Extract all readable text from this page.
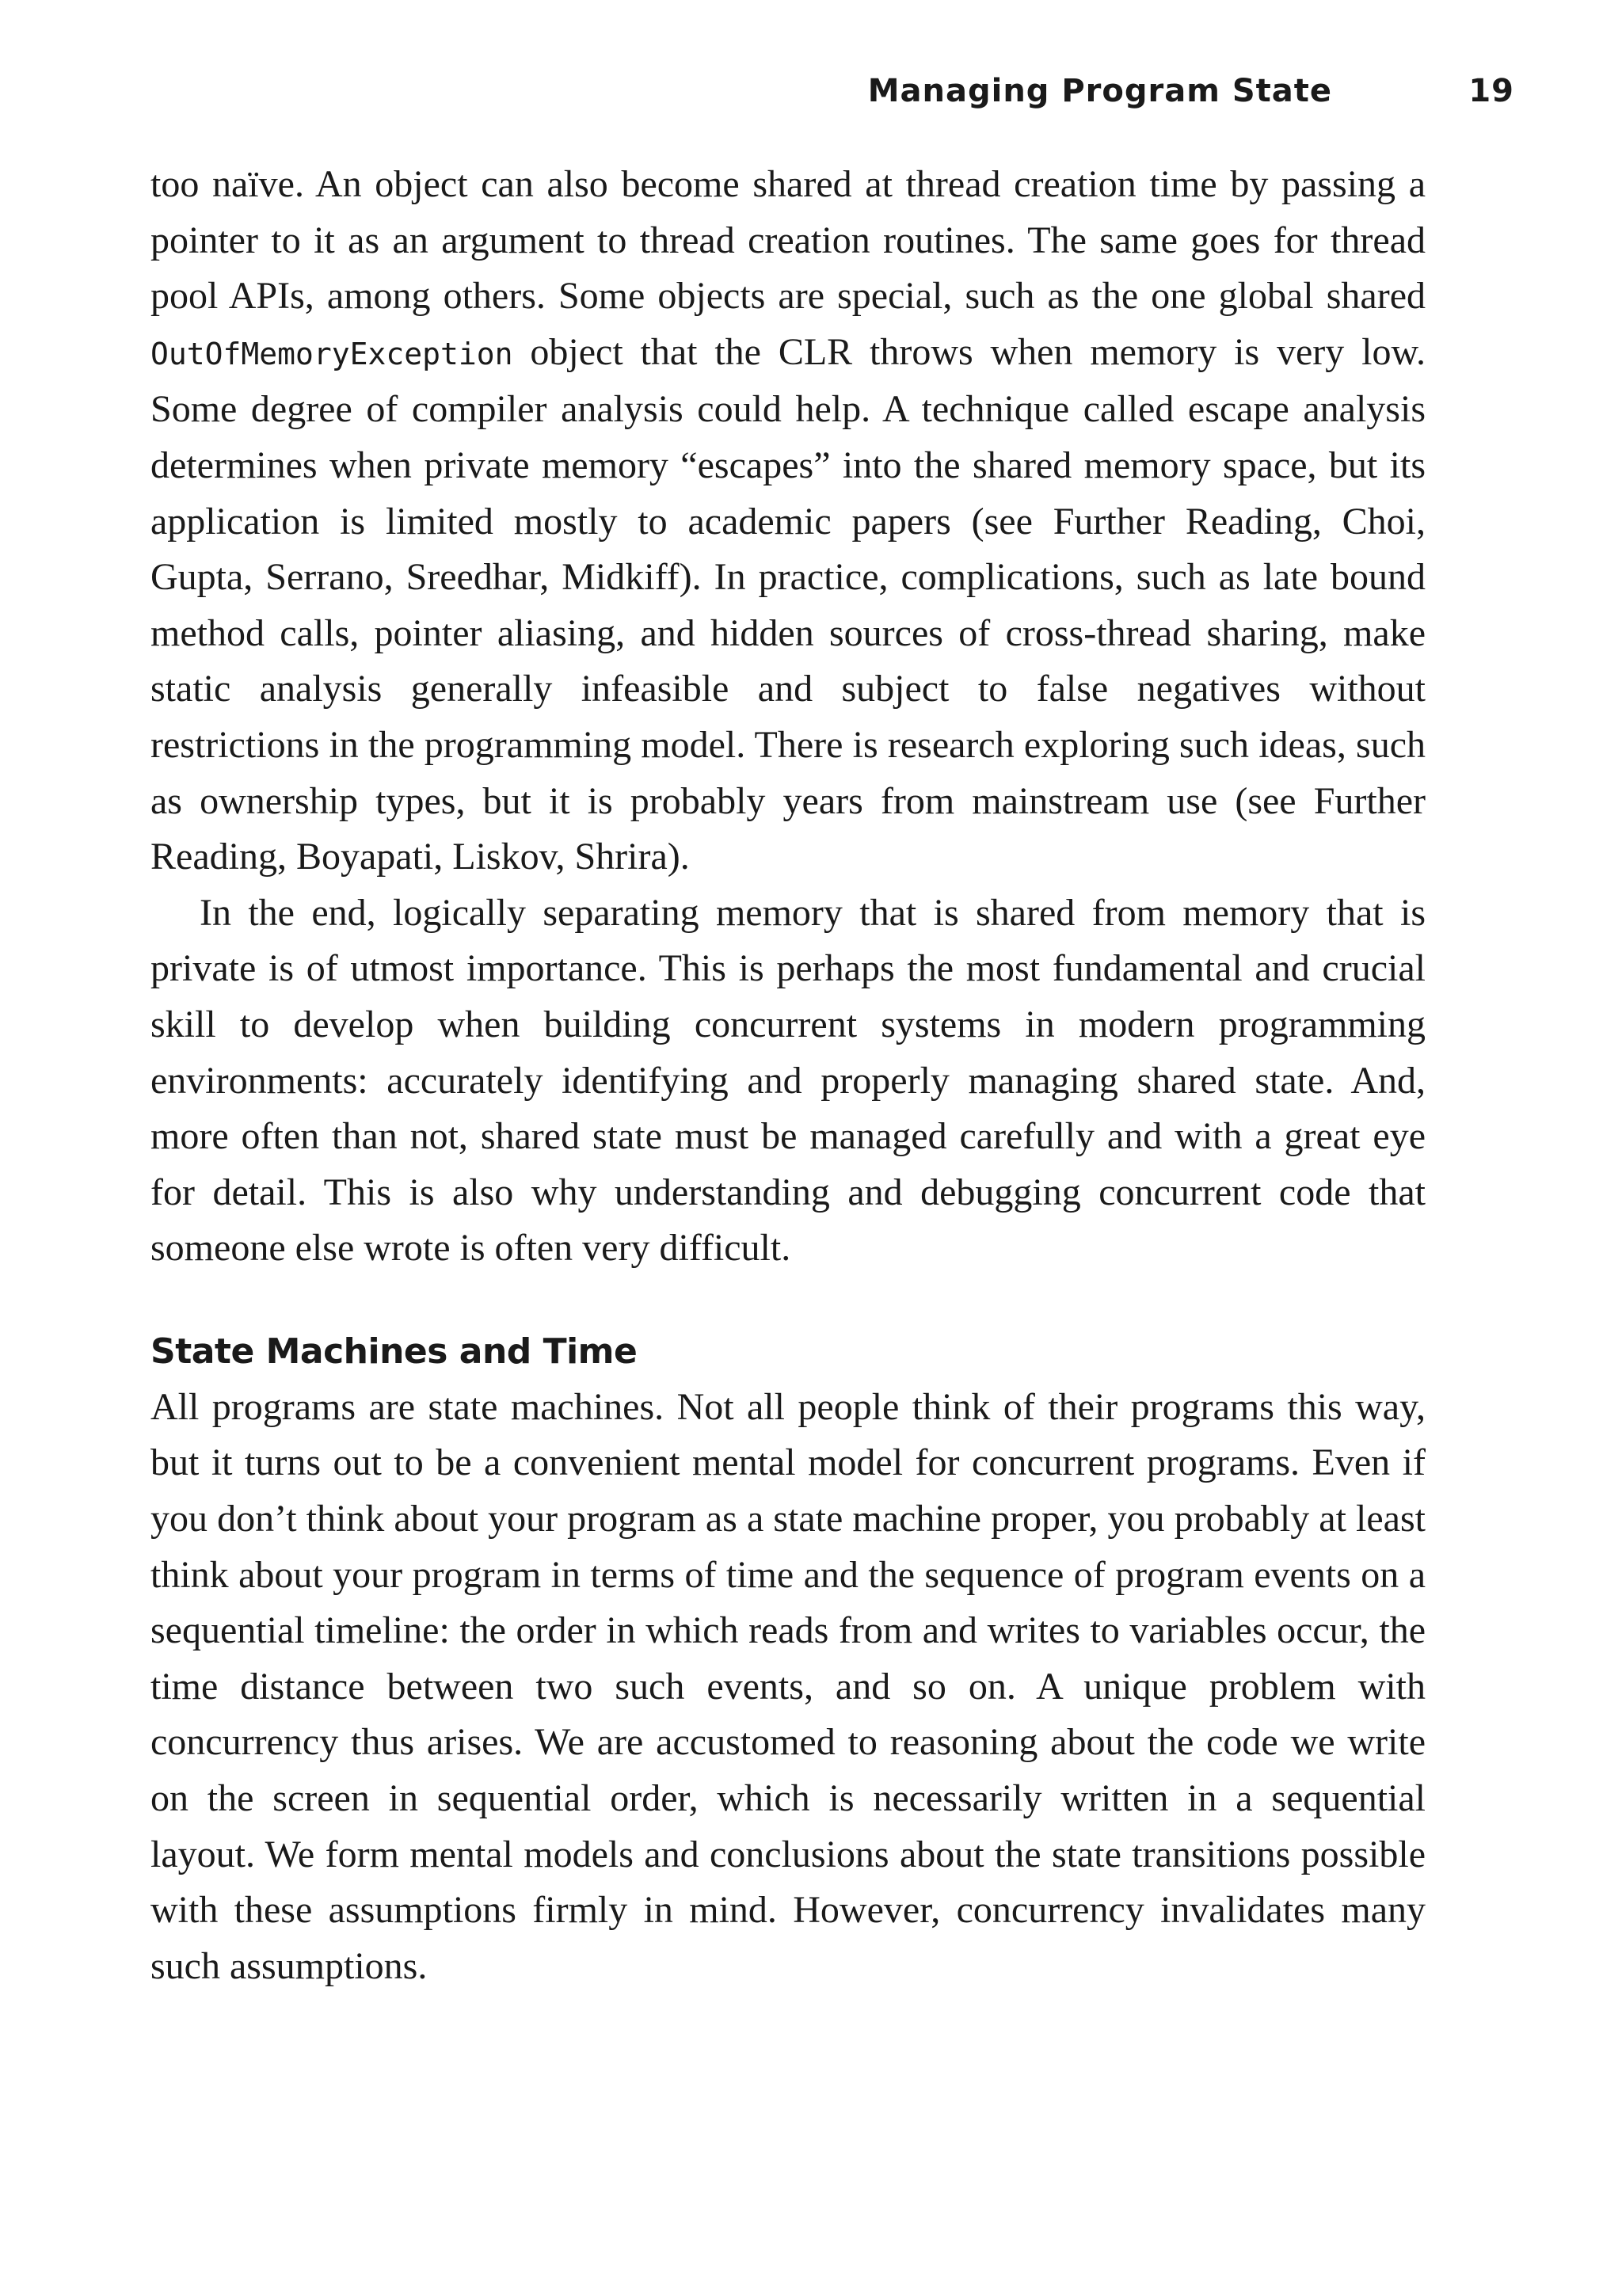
Managing Program State	19

too naïve. An object can also become shared at thread creation time by passing a pointer to it as an argument to thread creation routines. The same goes for thread pool APIs, among others. Some objects are special, such as the one global shared OutOfMemoryException object that the CLR throws when memory is very low. Some degree of compiler analysis could help. A technique called escape analysis determines when private memory “escapes” into the shared memory space, but its application is limited mostly to academic papers (see Further Reading, Choi, Gupta, Serrano, Sreedhar, Midkiff). In practice, complications, such as late bound method calls, pointer aliasing, and hidden sources of cross-thread sharing, make static analysis generally infeasible and subject to false negatives without restrictions in the programming model. There is research exploring such ideas, such as ownership types, but it is probably years from mainstream use (see Further Reading, Boyapati, Liskov, Shrira).

In the end, logically separating memory that is shared from memory that is private is of utmost importance. This is perhaps the most fundamental and crucial skill to develop when building concurrent systems in modern programming environments: accurately identifying and properly managing shared state. And, more often than not, shared state must be managed carefully and with a great eye for detail. This is also why understanding and debugging concurrent code that someone else wrote is often very difficult.

State Machines and Time

All programs are state machines. Not all people think of their programs this way, but it turns out to be a convenient mental model for concurrent programs. Even if you don’t think about your program as a state machine proper, you probably at least think about your program in terms of time and the sequence of program events on a sequential timeline: the order in which reads from and writes to variables occur, the time distance between two such events, and so on. A unique problem with concurrency thus arises. We are accustomed to reasoning about the code we write on the screen in sequential order, which is necessarily written in a sequential layout. We form mental models and conclusions about the state transitions possible with these assumptions firmly in mind. However, concurrency invalidates many such assumptions.
